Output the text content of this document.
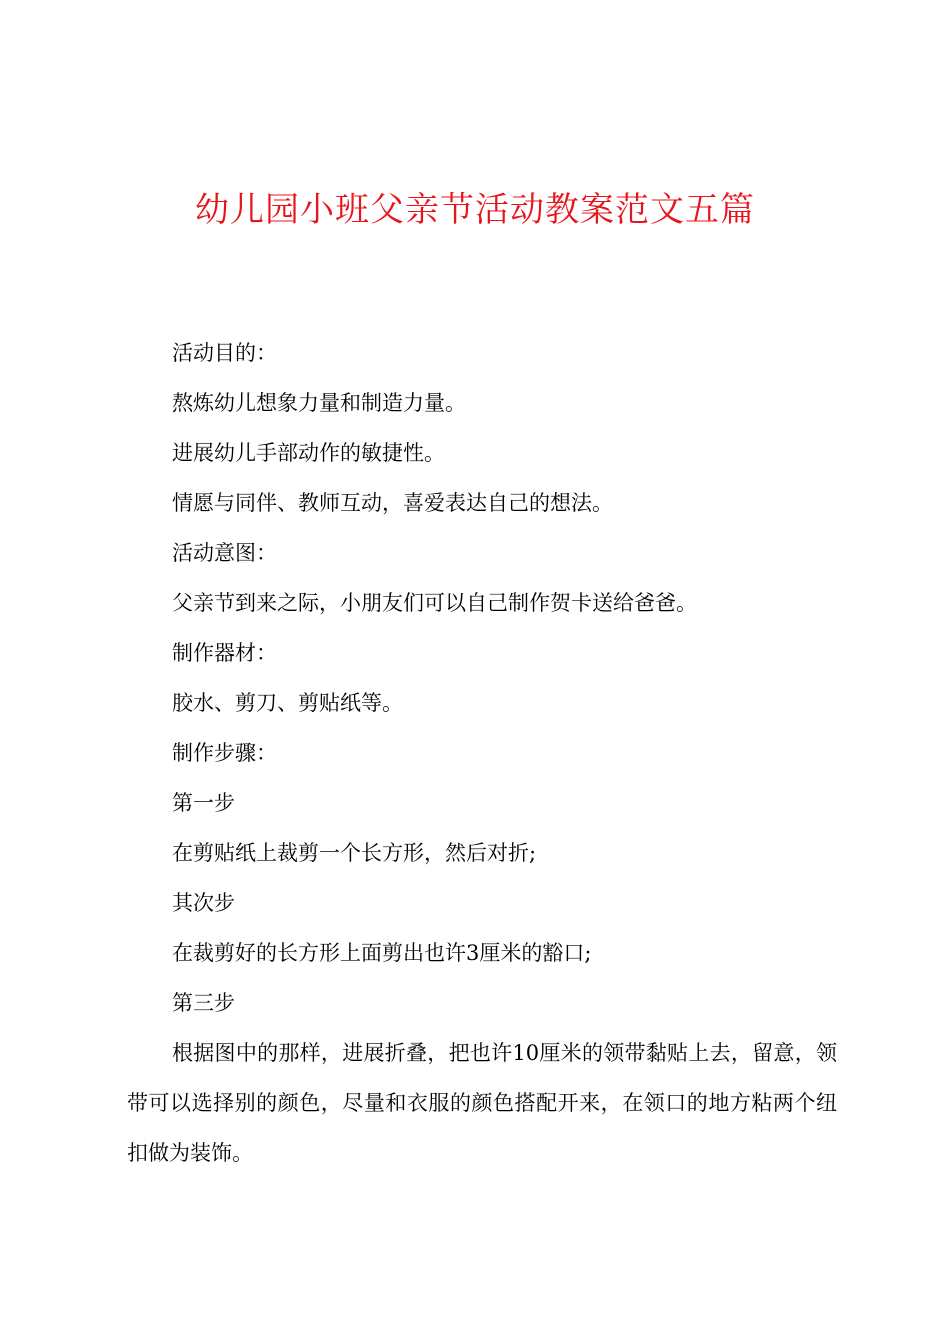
幼儿园小班父亲节活动教案范文五篇

活动目的：

熬炼幼儿想象力量和制造力量。

进展幼儿手部动作的敏捷性。

情愿与同伴、教师互动，喜爱表达自己的想法。

活动意图：

父亲节到来之际，小朋友们可以自己制作贺卡送给爸爸。

制作器材：

胶水、剪刀、剪贴纸等。

制作步骤：

第一步

在剪贴纸上裁剪一个长方形，然后对折;

其次步

在裁剪好的长方形上面剪出也许3厘米的豁口;

第三步

根据图中的那样，进展折叠，把也许10厘米的领带黏贴上去，留意，领带可以选择别的颜色，尽量和衣服的颜色搭配开来，在领口的地方粘两个纽扣做为装饰。
